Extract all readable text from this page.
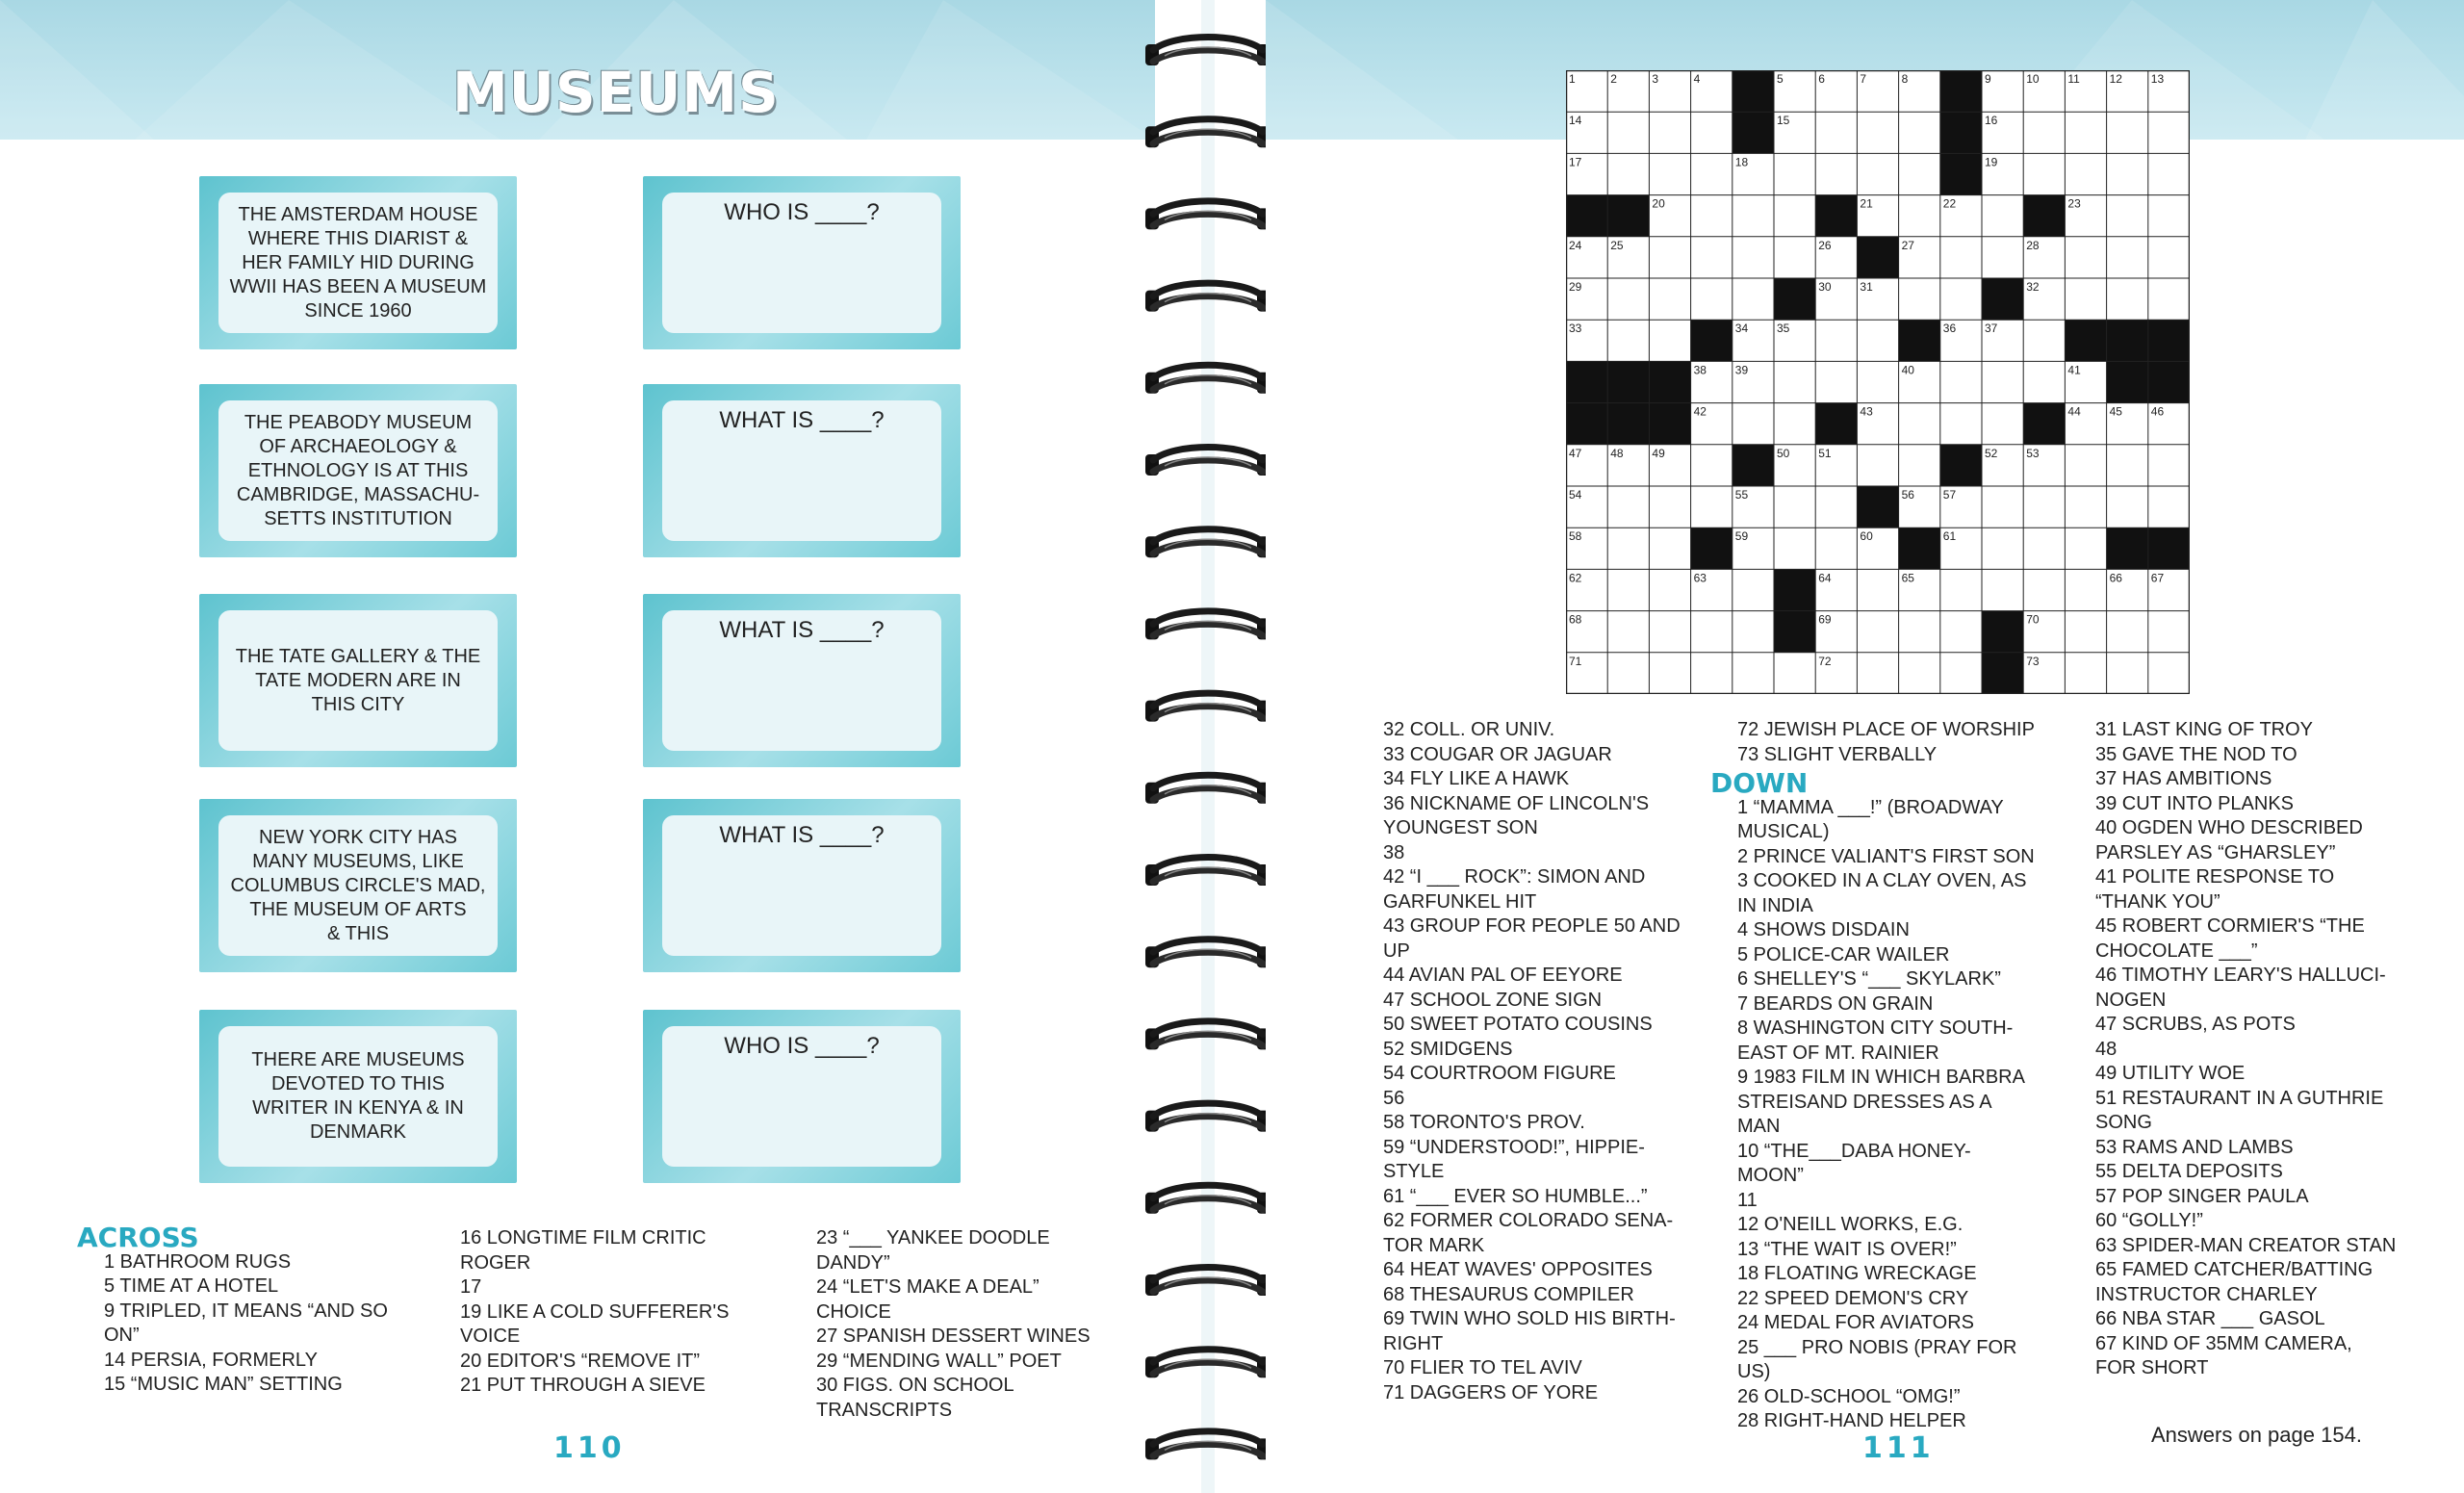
MUSEUMS
THE AMSTERDAM HOUSE
WHERE THIS DIARIST &
HER FAMILY HID DURING
WWII HAS BEEN A MUSEUM
SINCE 1960
WHO IS ____?
THE PEABODY MUSEUM
OF ARCHAEOLOGY &
ETHNOLOGY IS AT THIS
CAMBRIDGE, MASSACHU-
SETTS INSTITUTION
WHAT IS ____?
THE TATE GALLERY & THE
TATE MODERN ARE IN
THIS CITY
WHAT IS ____?
NEW YORK CITY HAS
MANY MUSEUMS, LIKE
COLUMBUS CIRCLE'S MAD,
THE MUSEUM OF ARTS
& THIS
WHAT IS ____?
THERE ARE MUSEUMS
DEVOTED TO THIS
WRITER IN KENYA & IN
DENMARK
WHO IS ____?
ACROSS
1 BATHROOM RUGS
5 TIME AT A HOTEL
9 TRIPLED, IT MEANS “AND SO
ON”
14 PERSIA, FORMERLY
15 “MUSIC MAN” SETTING
16 LONGTIME FILM CRITIC
ROGER
17
19 LIKE A COLD SUFFERER'S
VOICE
20 EDITOR'S “REMOVE IT”
21 PUT THROUGH A SIEVE
23 “___ YANKEE DOODLE
DANDY”
24 “LET'S MAKE A DEAL”
CHOICE
27 SPANISH DESSERT WINES
29 “MENDING WALL” POET
30 FIGS. ON SCHOOL
TRANSCRIPTS
110
32 COLL. OR UNIV.
33 COUGAR OR JAGUAR
34 FLY LIKE A HAWK
36 NICKNAME OF LINCOLN'S
YOUNGEST SON
38
42 “I ___ ROCK”: SIMON AND
GARFUNKEL HIT
43 GROUP FOR PEOPLE 50 AND
UP
44 AVIAN PAL OF EEYORE
47 SCHOOL ZONE SIGN
50 SWEET POTATO COUSINS
52 SMIDGENS
54 COURTROOM FIGURE
56
58 TORONTO'S PROV.
59 “UNDERSTOOD!”, HIPPIE-
STYLE
61 “___ EVER SO HUMBLE...”
62 FORMER COLORADO SENA-
TOR MARK
64 HEAT WAVES' OPPOSITES
68 THESAURUS COMPILER
69 TWIN WHO SOLD HIS BIRTH-
RIGHT
70 FLIER TO TEL AVIV
71 DAGGERS OF YORE
72 JEWISH PLACE OF WORSHIP
73 SLIGHT VERBALLY
DOWN
1 “MAMMA ___!” (BROADWAY
MUSICAL)
2 PRINCE VALIANT'S FIRST SON
3 COOKED IN A CLAY OVEN, AS
IN INDIA
4 SHOWS DISDAIN
5 POLICE-CAR WAILER
6 SHELLEY'S “___ SKYLARK”
7 BEARDS ON GRAIN
8 WASHINGTON CITY SOUTH-
EAST OF MT. RAINIER
9 1983 FILM IN WHICH BARBRA
STREISAND DRESSES AS A MAN
10 “THE___DABA HONEY-
MOON”
11
12 O'NEILL WORKS, E.G.
13 “THE WAIT IS OVER!”
18 FLOATING WRECKAGE
22 SPEED DEMON'S CRY
24 MEDAL FOR AVIATORS
25 ___ PRO NOBIS (PRAY FOR
US)
26 OLD-SCHOOL “OMG!”
28 RIGHT-HAND HELPER
31 LAST KING OF TROY
35 GAVE THE NOD TO
37 HAS AMBITIONS
39 CUT INTO PLANKS
40 OGDEN WHO DESCRIBED
PARSLEY AS “GHARSLEY”
41 POLITE RESPONSE TO
“THANK YOU”
45 ROBERT CORMIER'S “THE
CHOCOLATE ___”
46 TIMOTHY LEARY'S HALLUCI-
NOGEN
47 SCRUBS, AS POTS
48
49 UTILITY WOE
51 RESTAURANT IN A GUTHRIE
SONG
53 RAMS AND LAMBS
55 DELTA DEPOSITS
57 POP SINGER PAULA
60 “GOLLY!”
63 SPIDER-MAN CREATOR STAN
65 FAMED CATCHER/BATTING
INSTRUCTOR CHARLEY
66 NBA STAR ___ GASOL
67 KIND OF 35MM CAMERA,
FOR SHORT
111	Answers on page 154.
1	2	3	4	5	6	7	8	9	10 11	12 13
14	15	16
17	18	19
20	21	22	23
24 25	26	27	28
29	30 31	32
33	34 35	36 37
38 39	40	41
42	43	44 45 46
47 48 49	50 51	52 53
54	55	56 57
58	59	60	61
62	63	64	65	66 67
68	69	70
71	72	73
